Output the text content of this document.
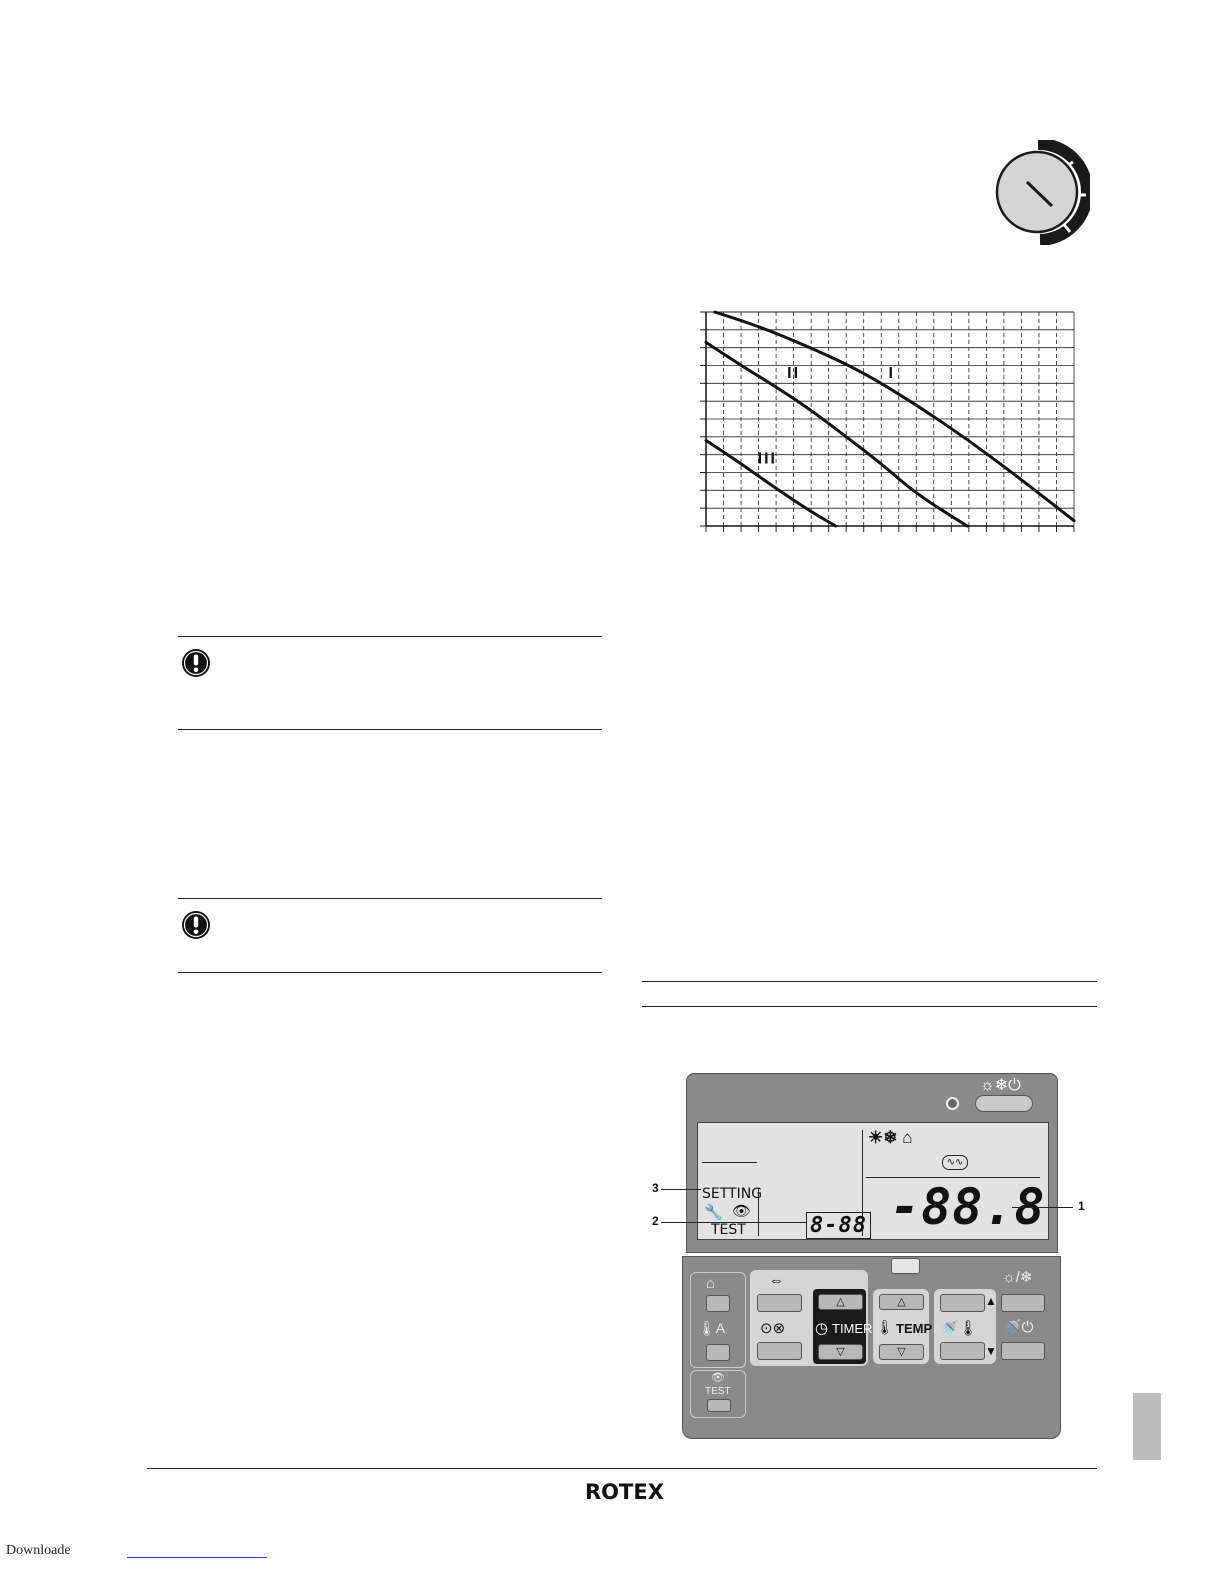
II	I
III
☼❄⏻
☀❄ ⌂
∿∿
SETTING
🔧 👁
TEST	8-88 -88.8	1
2
3
⌂
🌡A
👁
TEST
⇔
⊙⊗
△
◷ TIMER
▽
△
🌡 TEMP
▽
▲
🚿🌡
▼
☼/❄
🚿⏻
ROTEX
Downloade
